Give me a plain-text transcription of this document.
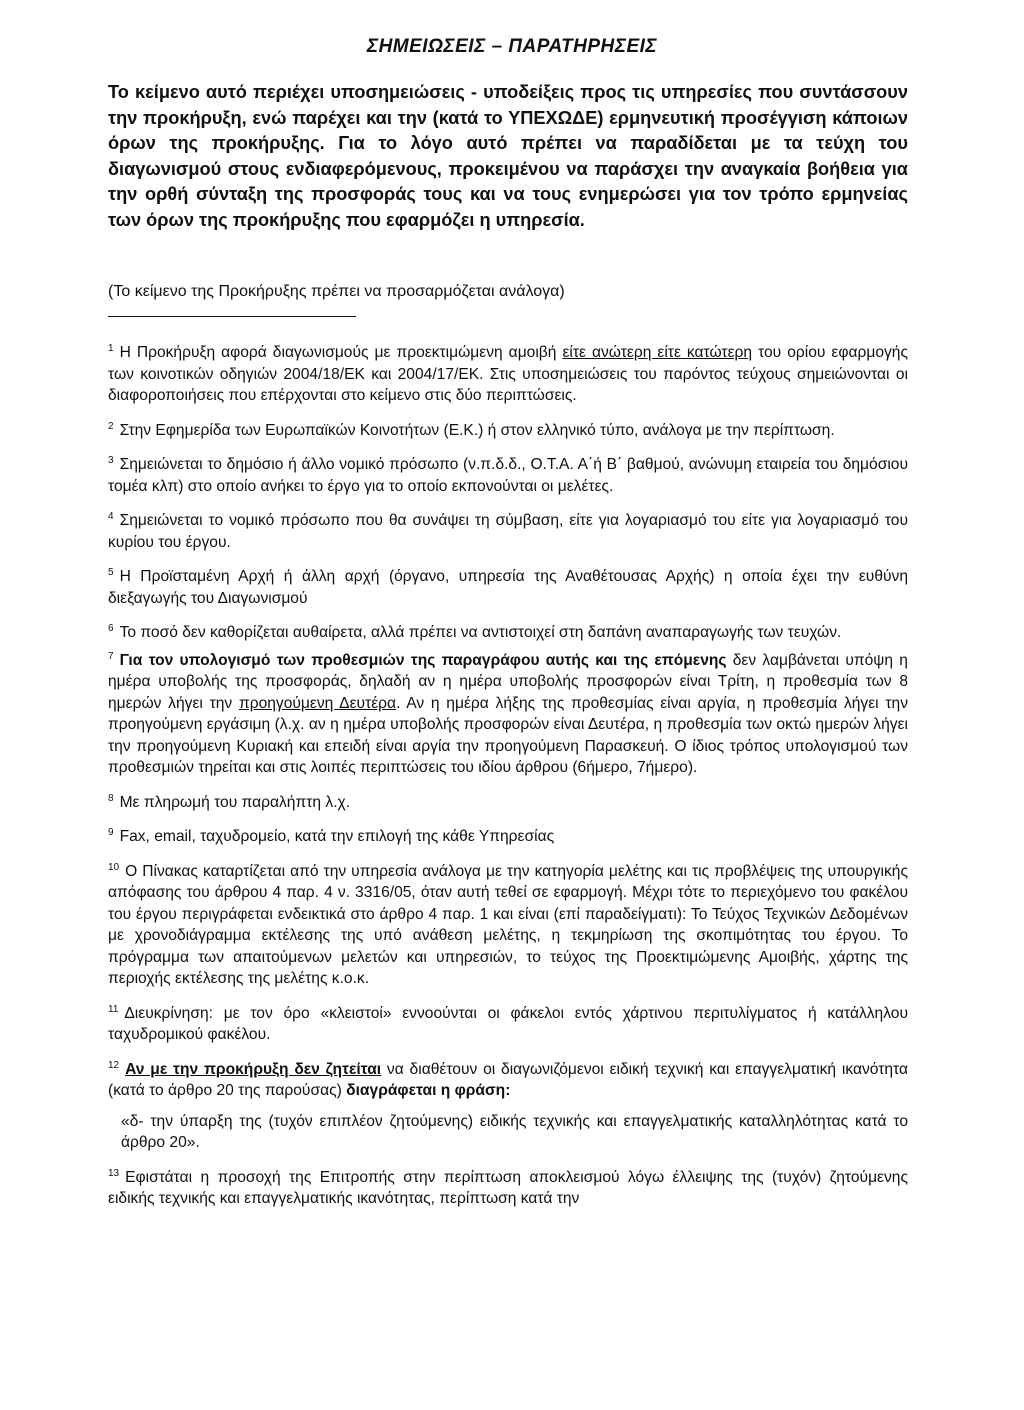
ΣΗΜΕΙΩΣΕΙΣ – ΠΑΡΑΤΗΡΗΣΕΙΣ
Το κείμενο αυτό περιέχει υποσημειώσεις - υποδείξεις προς τις υπηρεσίες που συντάσσουν την προκήρυξη, ενώ παρέχει και την (κατά το ΥΠΕΧΩΔΕ) ερμηνευτική προσέγγιση κάποιων όρων της προκήρυξης. Για το λόγο αυτό πρέπει να παραδίδεται με τα τεύχη του διαγωνισμού στους ενδιαφερόμενους, προκειμένου να παράσχει την αναγκαία βοήθεια για την ορθή σύνταξη της προσφοράς τους και να τους ενημερώσει για τον τρόπο ερμηνείας των όρων της προκήρυξης που εφαρμόζει η υπηρεσία.
(Το κείμενο της Προκήρυξης πρέπει να προσαρμόζεται ανάλογα)

$^1$ Η Προκήρυξη αφορά διαγωνισμούς με προεκτιμώμενη αμοιβή είτε ανώτερη είτε κατώτερη του ορίου εφαρμογής των κοινοτικών οδηγιών 2004/18/ΕΚ και 2004/17/ΕΚ. Στις υποσημειώσεις του παρόντος τεύχους σημειώνονται οι διαφοροποιήσεις που επέρχονται στο κείμενο στις δύο περιπτώσεις.

$^2$ Στην Εφημερίδα των Ευρωπαϊκών Κοινοτήτων (Ε.Κ.) ή στον ελληνικό τύπο, ανάλογα με την περίπτωση.

$^3$ Σημειώνεται το δημόσιο ή άλλο νομικό πρόσωπο (ν.π.δ.δ., Ο.Τ.Α. Α΄ή Β΄ βαθμού, ανώνυμη εταιρεία του δημόσιου τομέα κλπ) στο οποίο ανήκει το έργο για το οποίο εκπονούνται οι μελέτες.

$^4$ Σημειώνεται το νομικό πρόσωπο που θα συνάψει τη σύμβαση, είτε για λογαριασμό του είτε για λογαριασμό του κυρίου του έργου.

$^5$ Η Προϊσταμένη Αρχή ή άλλη αρχή (όργανο, υπηρεσία της Αναθέτουσας Αρχής) η οποία έχει την ευθύνη διεξαγωγής του Διαγωνισμού

$^6$ Το ποσό δεν καθορίζεται αυθαίρετα, αλλά πρέπει να αντιστοιχεί στη δαπάνη αναπαραγωγής των τευχών.

$^7$ Για τον υπολογισμό των προθεσμιών της παραγράφου αυτής και της επόμενης δεν λαμβάνεται υπόψη η ημέρα υποβολής της προσφοράς, δηλαδή αν η ημέρα υποβολής προσφορών είναι Τρίτη, η προθεσμία των 8 ημερών λήγει την προηγούμενη Δευτέρα. Αν η ημέρα λήξης της προθεσμίας είναι αργία, η προθεσμία λήγει την προηγούμενη εργάσιμη (λ.χ. αν η ημέρα υποβολής προσφορών είναι Δευτέρα, η προθεσμία των οκτώ ημερών λήγει την προηγούμενη Κυριακή και επειδή είναι αργία την προηγούμενη Παρασκευή. Ο ίδιος τρόπος υπολογισμού των προθεσμιών τηρείται και στις λοιπές περιπτώσεις του ιδίου άρθρου (6ήμερο, 7ήμερο).

$^8$ Με πληρωμή του παραλήπτη λ.χ.

$^9$ Fax, email, ταχυδρομείο, κατά την επιλογή της κάθε Υπηρεσίας

$^{10}$ Ο Πίνακας καταρτίζεται από την υπηρεσία ανάλογα με την κατηγορία μελέτης και τις προβλέψεις της υπουργικής απόφασης του άρθρου 4 παρ. 4 ν. 3316/05, όταν αυτή τεθεί σε εφαρμογή. Μέχρι τότε το περιεχόμενο του φακέλου του έργου περιγράφεται ενδεικτικά στο άρθρο 4 παρ. 1 και είναι (επί παραδείγματι): Το Τεύχος Τεχνικών Δεδομένων με χρονοδιάγραμμα εκτέλεσης της υπό ανάθεση μελέτης, η τεκμηρίωση της σκοπιμότητας του έργου. Το πρόγραμμα των απαιτούμενων μελετών και υπηρεσιών, το τεύχος της Προεκτιμώμενης Αμοιβής, χάρτης της περιοχής εκτέλεσης της μελέτης κ.ο.κ.

$^{11}$ Διευκρίνηση: με τον όρο «κλειστοί» εννοούνται οι φάκελοι εντός χάρτινου περιτυλίγματος ή κατάλληλου ταχυδρομικού φακέλου.

$^{12}$ Αν με την προκήρυξη δεν ζητείται να διαθέτουν οι διαγωνιζόμενοι ειδική τεχνική και επαγγελματική ικανότητα (κατά το άρθρο 20 της παρούσας) διαγράφεται η φράση:

«δ- την ύπαρξη της (τυχόν επιπλέον ζητούμενης) ειδικής τεχνικής και επαγγελματικής καταλληλότητας κατά το άρθρο 20».

$^{13}$ Εφιστάται η προσοχή της Επιτροπής στην περίπτωση αποκλεισμού λόγω έλλειψης της (τυχόν) ζητούμενης ειδικής τεχνικής και επαγγελματικής ικανότητας, περίπτωση κατά την
